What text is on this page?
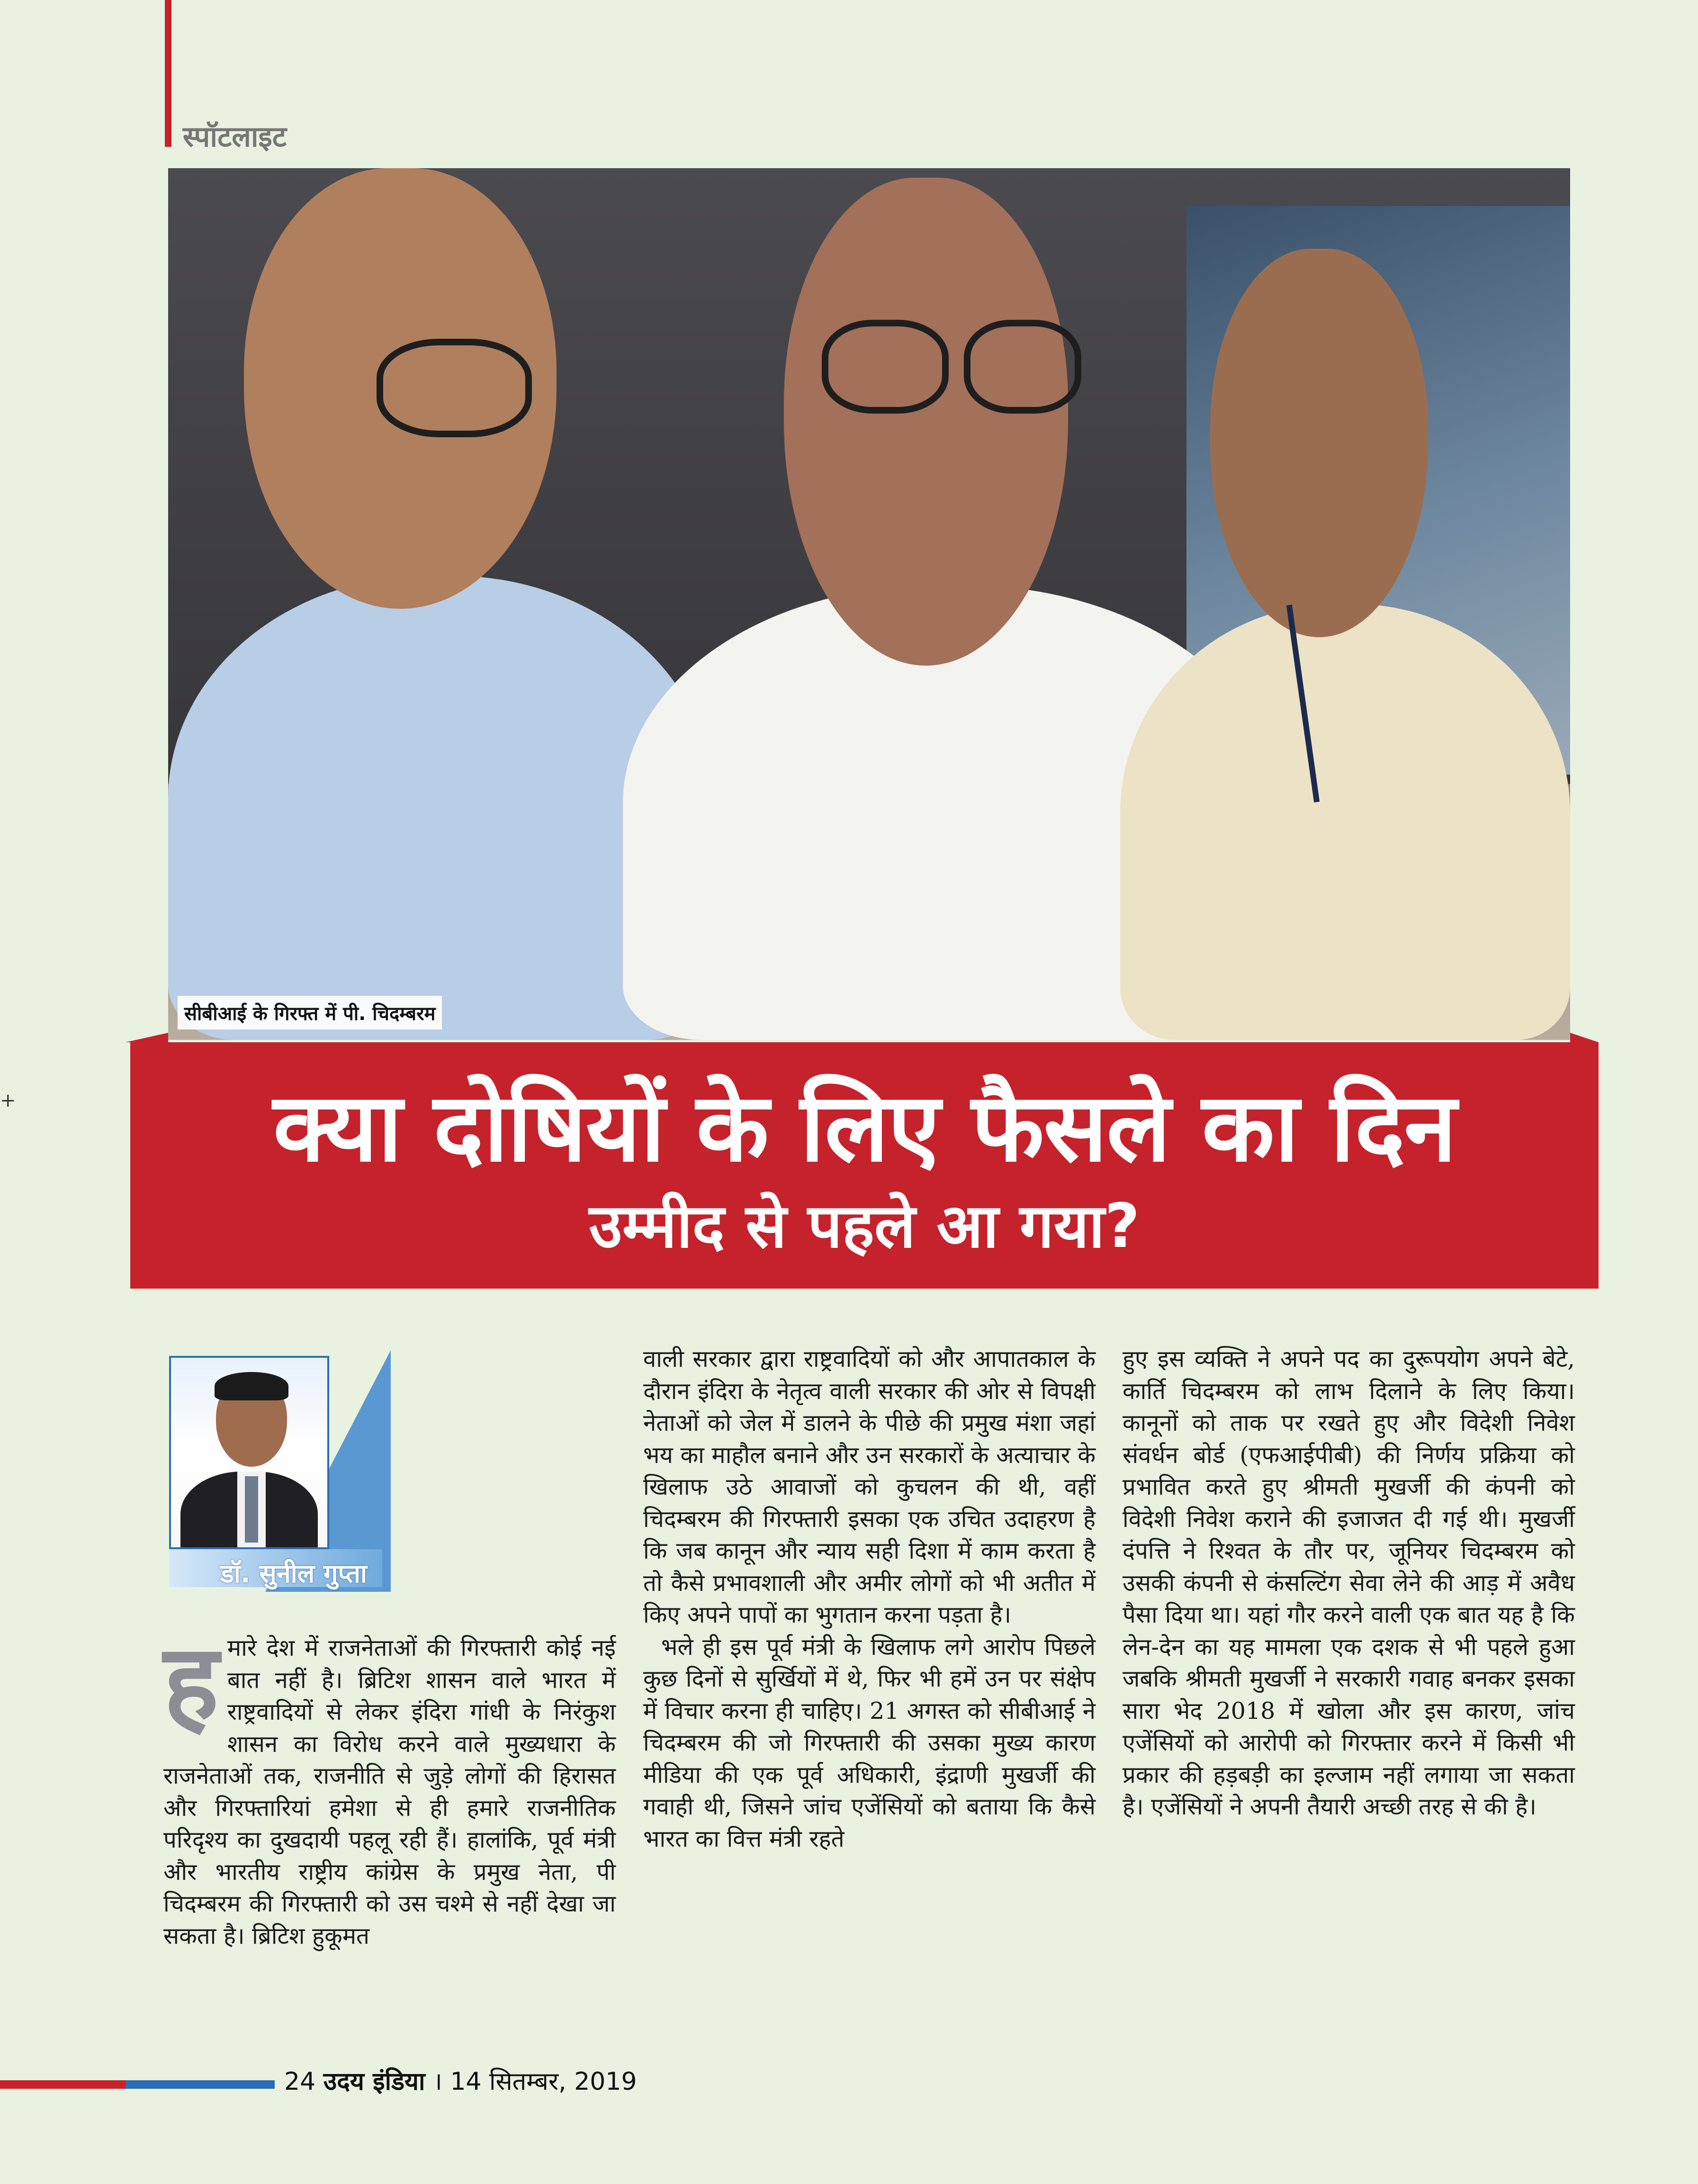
स्पॉटलाइट
+
सीबीआई के गिरफ्त में पी. चिदम्बरम
क्या दोषियों के लिए फैसले का दिन
उम्मीद से पहले आ गया?
डॉ. सुनील गुप्ता
ह मारे देश में राजनेताओं की गिरफ्तारी कोई नई बात नहीं है। ब्रिटिश शासन वाले भारत में राष्ट्रवादियों से लेकर इंदिरा गांधी के निरंकुश शासन का विरोध करने वाले मुख्यधारा के राजनेताओं तक, राजनीति से जुड़े लोगों की हिरासत और गिरफ्तारियां हमेशा से ही हमारे राजनीतिक परिदृश्य का दुखदायी पहलू रही हैं। हालांकि, पूर्व मंत्री और भारतीय राष्ट्रीय कांग्रेस के प्रमुख नेता, पी चिदम्बरम की गिरफ्तारी को उस चश्मे से नहीं देखा जा सकता है। ब्रिटिश हुकूमत

वाली सरकार द्वारा राष्ट्रवादियों को और आपातकाल के दौरान इंदिरा के नेतृत्व वाली सरकार की ओर से विपक्षी नेताओं को जेल में डालने के पीछे की प्रमुख मंशा जहां भय का माहौल बनाने और उन सरकारों के अत्याचार के खिलाफ उठे आवाजों को कुचलन की थी, वहीं चिदम्बरम की गिरफ्तारी इसका एक उचित उदाहरण है कि जब कानून और न्याय सही दिशा में काम करता है तो कैसे प्रभावशाली और अमीर लोगों को भी अतीत में किए अपने पापों का भुगतान करना पड़ता है।

भले ही इस पूर्व मंत्री के खिलाफ लगे आरोप पिछले कुछ दिनों से सुर्खियों में थे, फिर भी हमें उन पर संक्षेप में विचार करना ही चाहिए। 21 अगस्त को सीबीआई ने चिदम्बरम की जो गिरफ्तारी की उसका मुख्य कारण मीडिया की एक पूर्व अधिकारी, इंद्राणी मुखर्जी की गवाही थी, जिसने जांच एजेंसियों को बताया कि कैसे भारत का वित्त मंत्री रहते

हुए इस व्यक्ति ने अपने पद का दुरूपयोग अपने बेटे, कार्ति चिदम्बरम को लाभ दिलाने के लिए किया। कानूनों को ताक पर रखते हुए और विदेशी निवेश संवर्धन बोर्ड (एफआईपीबी) की निर्णय प्रक्रिया को प्रभावित करते हुए श्रीमती मुखर्जी की कंपनी को विदेशी निवेश कराने की इजाजत दी गई थी। मुखर्जी दंपत्ति ने रिश्वत के तौर पर, जूनियर चिदम्बरम को उसकी कंपनी से कंसल्टिंग सेवा लेने की आड़ में अवैध पैसा दिया था। यहां गौर करने वाली एक बात यह है कि लेन-देन का यह मामला एक दशक से भी पहले हुआ जबकि श्रीमती मुखर्जी ने सरकारी गवाह बनकर इसका सारा भेद 2018 में खोला और इस कारण, जांच एजेंसियों को आरोपी को गिरफ्तार करने में किसी भी प्रकार की हड़बड़ी का इल्जाम नहीं लगाया जा सकता है। एजेंसियों ने अपनी तैयारी अच्छी तरह से की है।

24 उदय इंडिया । 14 सितम्बर, 2019
